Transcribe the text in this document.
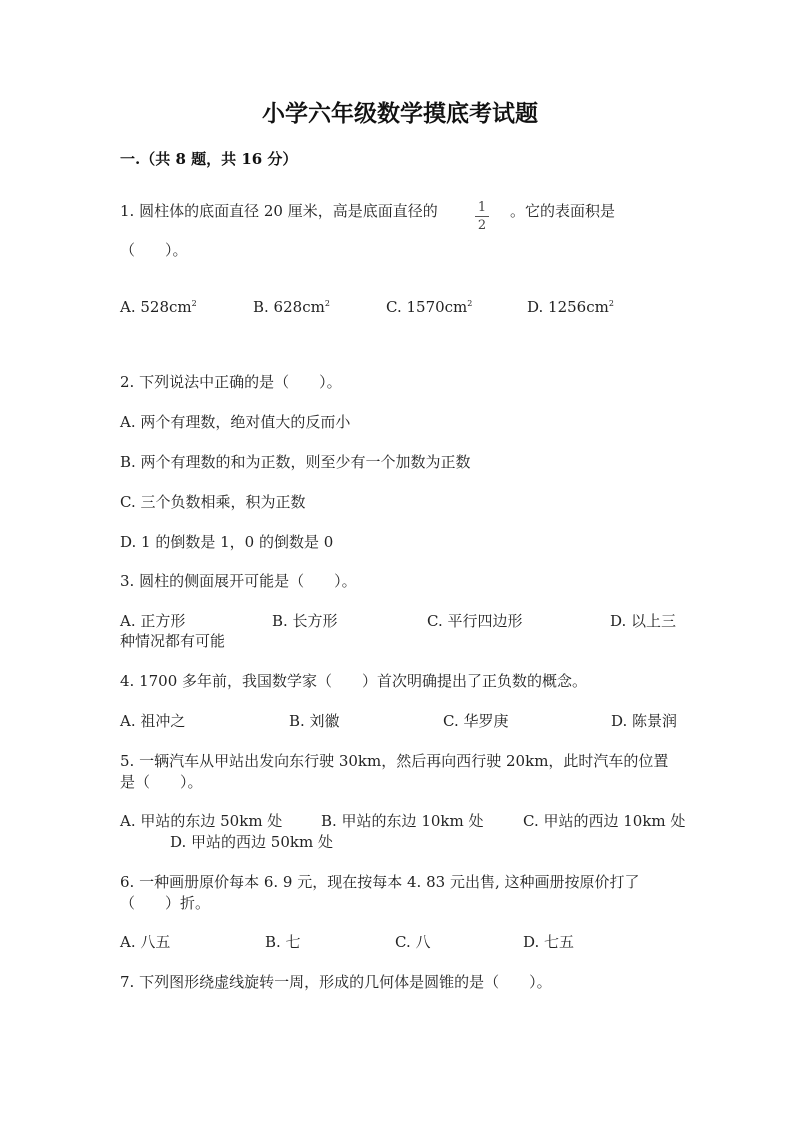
小学六年级数学摸底考试题
一.（共 8 题，共 16 分）
1. 圆柱体的底面直径 20 厘米，高是底面直径的	1
2
。它的表面积是
（　　）。
A. $528cm^2$	B. $628cm^2$	C. $1570cm^2$	D. $1256cm^2$
2. 下列说法中正确的是（　　）。
A. 两个有理数，绝对值大的反而小
B. 两个有理数的和为正数，则至少有一个加数为正数
C. 三个负数相乘，积为正数
D. 1 的倒数是 1，0 的倒数是 0
3. 圆柱的侧面展开可能是（　　）。
A. 正方形	B. 长方形	C. 平行四边形	D. 以上三
种情况都有可能
4. 1700 多年前，我国数学家（　　）首次明确提出了正负数的概念。
A. 祖冲之	B. 刘徽	C. 华罗庚	D. 陈景润
5. 一辆汽车从甲站出发向东行驶 30km，然后再向西行驶 20km，此时汽车的位置
是（　　）。
A. 甲站的东边 50km 处	B. 甲站的东边 10km 处	C. 甲站的西边 10km 处
D. 甲站的西边 50km 处
6. 一种画册原价每本 6. 9 元，现在按每本 4. 83 元出售, 这种画册按原价打了
（　　）折。
A. 八五	B. 七	C. 八	D. 七五
7. 下列图形绕虚线旋转一周，形成的几何体是圆锥的是（　　）。
